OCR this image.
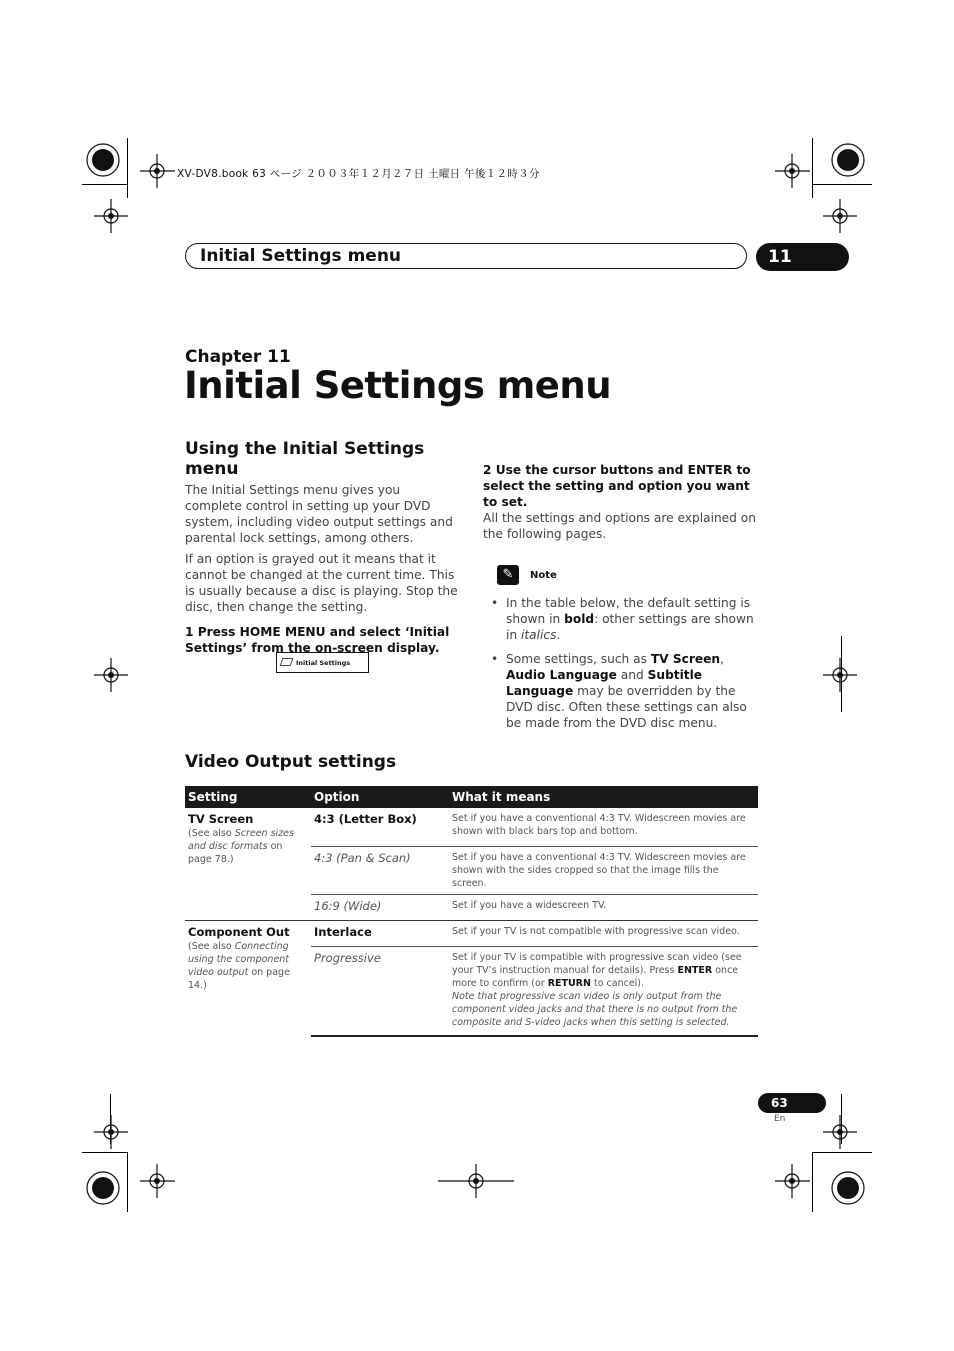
XV-DV8.book 63 ページ ２００３年１２月２７日 土曜日 午後１２時３分
Initial Settings menu	11
Chapter 11
Initial Settings menu
Using the Initial Settings menu

The Initial Settings menu gives you complete control in setting up your DVD system, including video output settings and parental lock settings, among others.

If an option is grayed out it means that it cannot be changed at the current time. This is usually because a disc is playing. Stop the disc, then change the setting.

1 Press HOME MENU and select ‘Initial Settings’ from the on-screen display.

Initial Settings

2 Use the cursor buttons and ENTER to select the setting and option you want to set.

All the settings and options are explained on the following pages.

✎	Note
• In the table below, the default setting is shown in bold: other settings are shown in italics.
• Some settings, such as TV Screen, Audio Language and Subtitle Language may be overridden by the DVD disc. Often these settings can also be made from the DVD disc menu.
Video Output settings
Setting	Option	What it means

TV Screen
(See also Screen sizes and disc formats on page 78.)	4:3 (Letter Box)	Set if you have a conventional 4:3 TV. Widescreen movies are shown with black bars top and bottom.
	4:3 (Pan & Scan)	Set if you have a conventional 4:3 TV. Widescreen movies are shown with the sides cropped so that the image fills the screen.
	16:9 (Wide)	Set if you have a widescreen TV.

Component Out
(See also Connecting using the component video output on page 14.)	Interlace	Set if your TV is not compatible with progressive scan video.
	Progressive	Set if your TV is compatible with progressive scan video (see your TV’s instruction manual for details). Press ENTER once more to confirm (or RETURN to cancel).
Note that progressive scan video is only output from the component video jacks and that there is no output from the composite and S-video jacks when this setting is selected.
63
En
